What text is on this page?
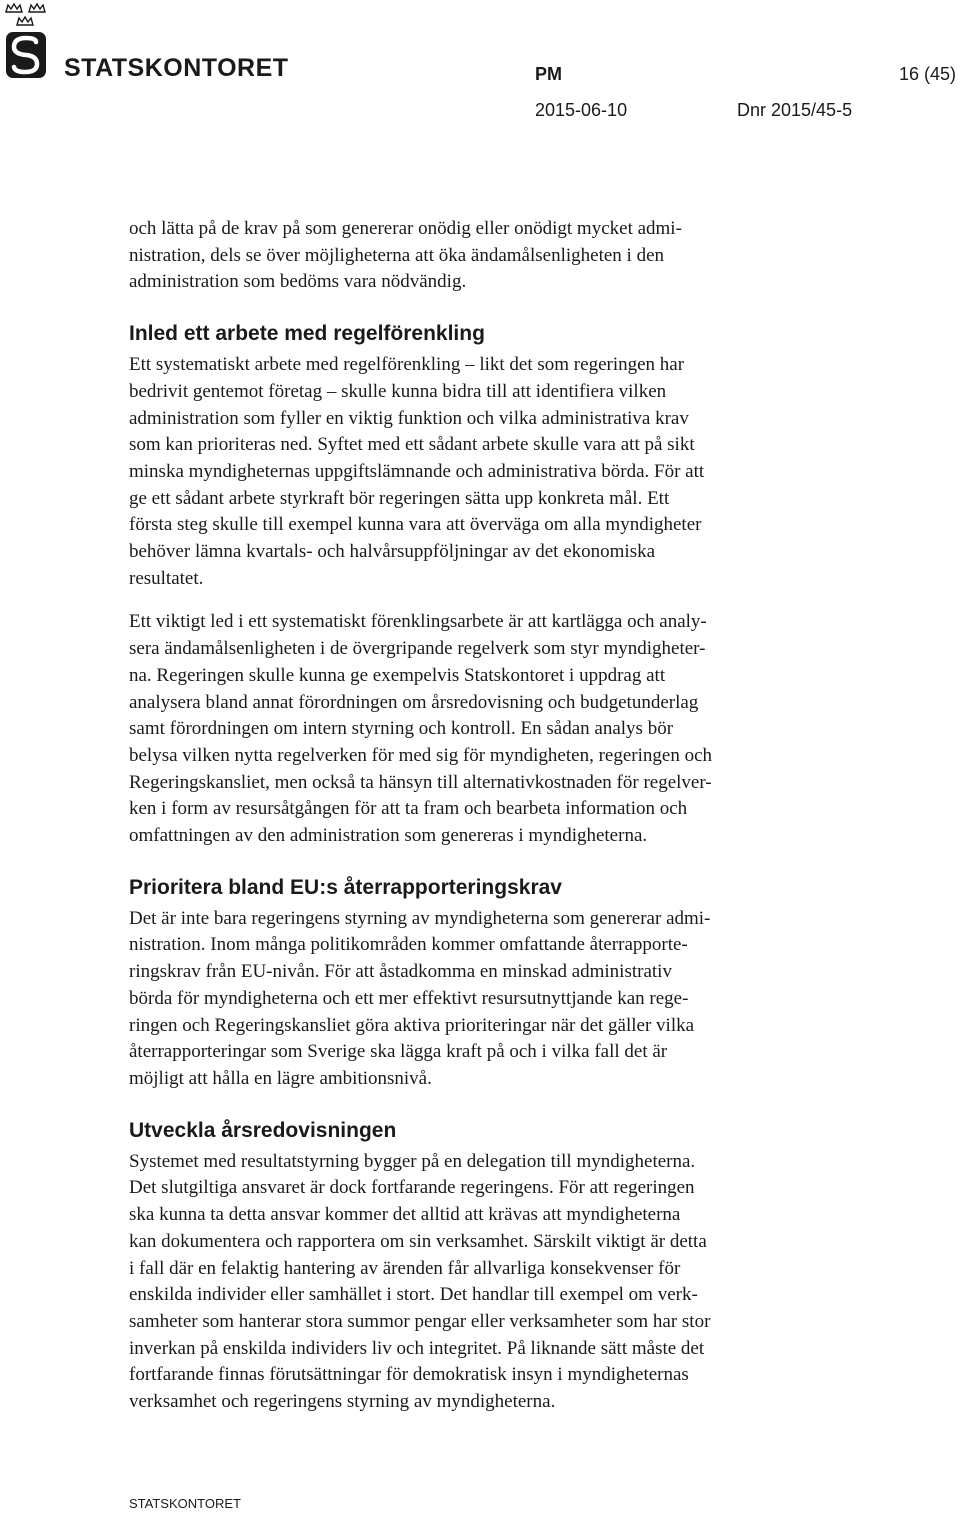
STATSKONTORET	PM	16 (45)
2015-06-10	Dnr 2015/45-5

och lätta på de krav på som genererar onödig eller onödigt mycket admi-
nistration, dels se över möjligheterna att öka ändamålsenligheten i den
administration som bedöms vara nödvändig.

Inled ett arbete med regelförenkling

Ett systematiskt arbete med regelförenkling – likt det som regeringen har
bedrivit gentemot företag – skulle kunna bidra till att identifiera vilken
administration som fyller en viktig funktion och vilka administrativa krav
som kan prioriteras ned. Syftet med ett sådant arbete skulle vara att på sikt
minska myndigheternas uppgiftslämnande och administrativa börda. För att
ge ett sådant arbete styrkraft bör regeringen sätta upp konkreta mål. Ett
första steg skulle till exempel kunna vara att överväga om alla myndigheter
behöver lämna kvartals- och halvårsuppföljningar av det ekonomiska
resultatet.

Ett viktigt led i ett systematiskt förenklingsarbete är att kartlägga och analy-
sera ändamålsenligheten i de övergripande regelverk som styr myndigheter-
na. Regeringen skulle kunna ge exempelvis Statskontoret i uppdrag att
analysera bland annat förordningen om årsredovisning och budgetunderlag
samt förordningen om intern styrning och kontroll. En sådan analys bör
belysa vilken nytta regelverken för med sig för myndigheten, regeringen och
Regeringskansliet, men också ta hänsyn till alternativkostnaden för regelver-
ken i form av resursåtgången för att ta fram och bearbeta information och
omfattningen av den administration som genereras i myndigheterna.

Prioritera bland EU:s återrapporteringskrav

Det är inte bara regeringens styrning av myndigheterna som genererar admi-
nistration. Inom många politikområden kommer omfattande återrapporte-
ringskrav från EU-nivån. För att åstadkomma en minskad administrativ
börda för myndigheterna och ett mer effektivt resursutnyttjande kan rege-
ringen och Regeringskansliet göra aktiva prioriteringar när det gäller vilka
återrapporteringar som Sverige ska lägga kraft på och i vilka fall det är
möjligt att hålla en lägre ambitionsnivå.

Utveckla årsredovisningen

Systemet med resultatstyrning bygger på en delegation till myndigheterna.
Det slutgiltiga ansvaret är dock fortfarande regeringens. För att regeringen
ska kunna ta detta ansvar kommer det alltid att krävas att myndigheterna
kan dokumentera och rapportera om sin verksamhet. Särskilt viktigt är detta
i fall där en felaktig hantering av ärenden får allvarliga konsekvenser för
enskilda individer eller samhället i stort. Det handlar till exempel om verk-
samheter som hanterar stora summor pengar eller verksamheter som har stor
inverkan på enskilda individers liv och integritet. På liknande sätt måste det
fortfarande finnas förutsättningar för demokratisk insyn i myndigheternas
verksamhet och regeringens styrning av myndigheterna.

STATSKONTORET
